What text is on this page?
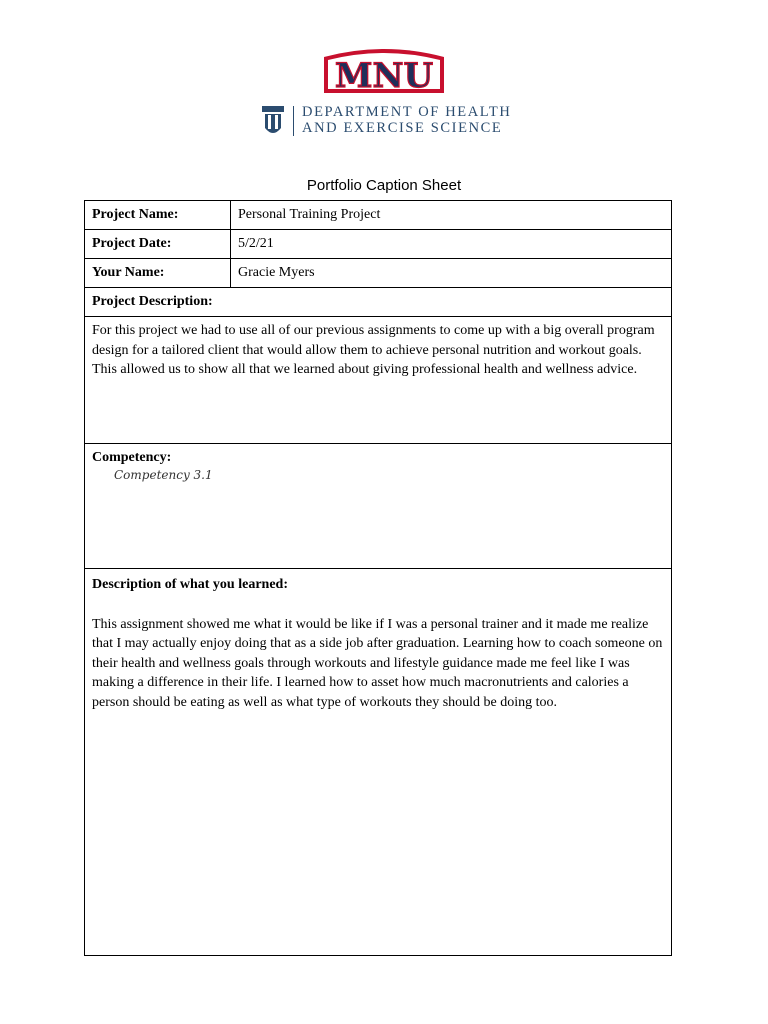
MNU
DEPARTMENT OF HEALTH
AND EXERCISE SCIENCE
Portfolio Caption Sheet
Project Name:	Personal Training Project
Project Date:	5/2/21
Your Name:	Gracie Myers
Project Description:	
For this project we had to use all of our previous assignments to come up with a big overall program design for a tailored client that would allow them to achieve personal nutrition and workout goals. This allowed us to show all that we learned about giving professional health and wellness advice.	

Competency:
Competency 3.1	

Description of what you learned:
This assignment showed me what it would be like if I was a personal trainer and it made me realize that I may actually enjoy doing that as a side job after graduation. Learning how to coach someone on their health and wellness goals through workouts and lifestyle guidance made me feel like I was making a difference in their life. I learned how to asset how much macronutrients and calories a person should be eating as well as what type of workouts they should be doing too.	
